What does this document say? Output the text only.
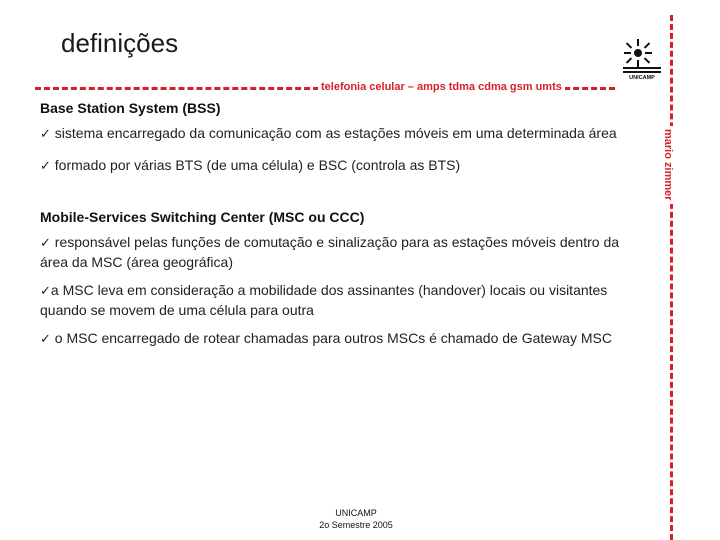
definições
telefonia celular – amps tdma cdma gsm umts
mario zimmer
UNICAMP
Base Station System (BSS)

✓ sistema encarregado da comunicação com as estações móveis em uma determinada área

✓ formado por várias BTS (de uma célula) e BSC (controla as BTS)

Mobile-Services Switching Center (MSC ou CCC)

✓ responsável pelas funções de comutação e sinalização para as estações móveis dentro da área da MSC (área geográfica)

✓a MSC leva em consideração a mobilidade dos assinantes (handover) locais ou visitantes quando se movem de uma célula para outra

✓ o MSC encarregado de rotear chamadas para outros MSCs é chamado de Gateway MSC

UNICAMP
2o Semestre 2005
